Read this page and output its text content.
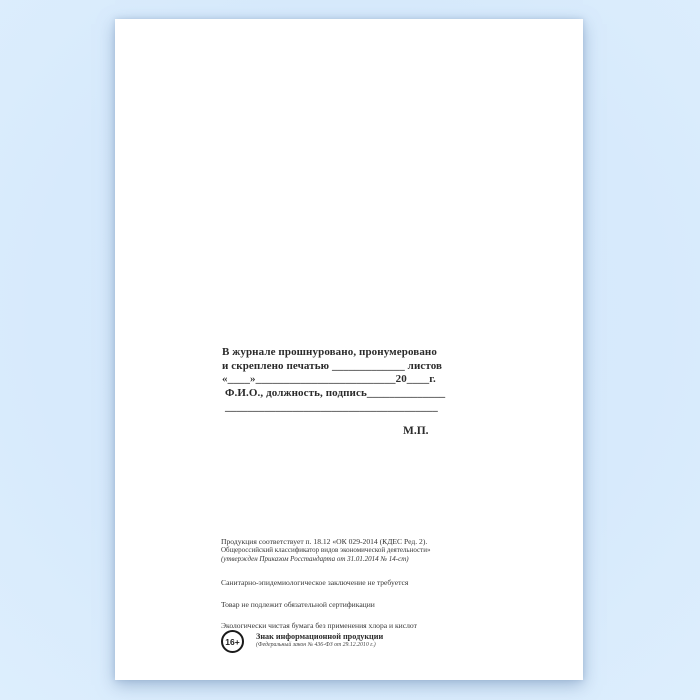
В журнале прошнуровано, пронумеровано
и скреплено печатью _____________ листов
«____»_________________________20____г.
Ф.И.О., должность, подпись______________
______________________________________
М.П.
Продукция соответствует п. 18.12 «ОК 029-2014 (КДЕС Ред. 2).
Общероссийский классификатор видов экономической деятельности»
(утвержден Приказом Росстандарта от 31.01.2014 № 14-ст)
Санитарно-эпидемиологическое заключение не требуется
Товар не подлежит обязательной сертификации
Экологически чистая бумага без применения хлора и кислот
16+	Знак информационной продукции
(Федеральный закон № 436-ФЗ от 29.12.2010 г.)
